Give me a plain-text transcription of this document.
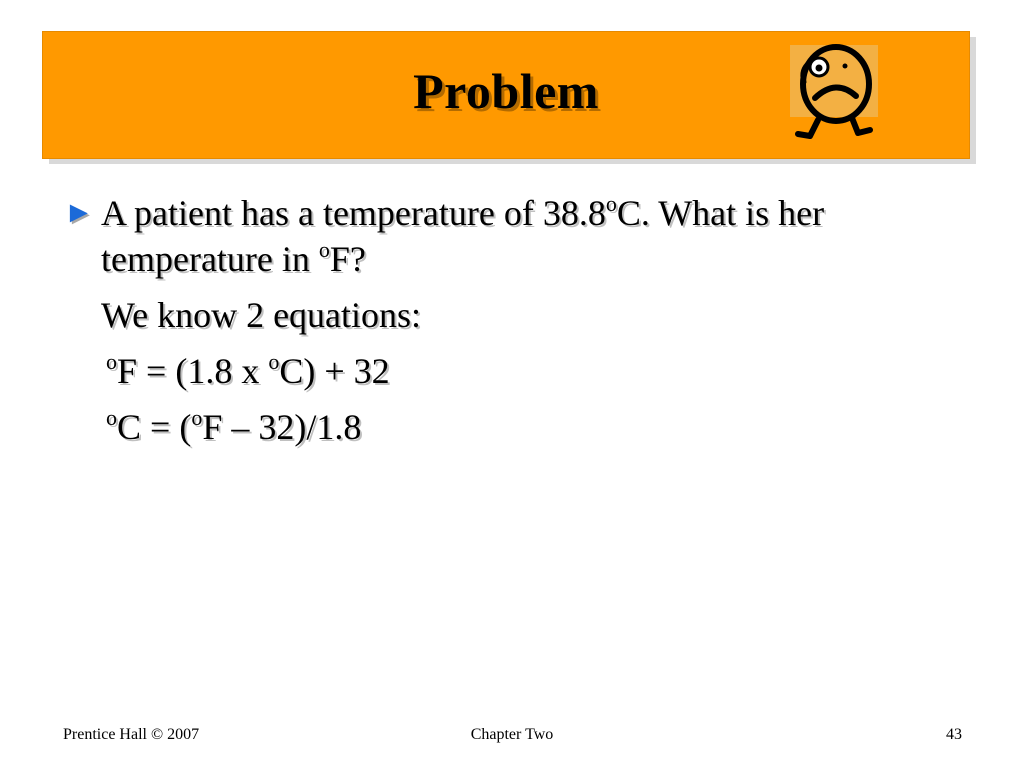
Problem
► A patient has a temperature of 38.8$^o$C. What is her
temperature in $^o$F?
We know 2 equations:
$^o$F = (1.8 x $^o$C) + 32
$^o$C = ($^o$F – 32)/1.8
Prentice Hall © 2007	Chapter Two	43
